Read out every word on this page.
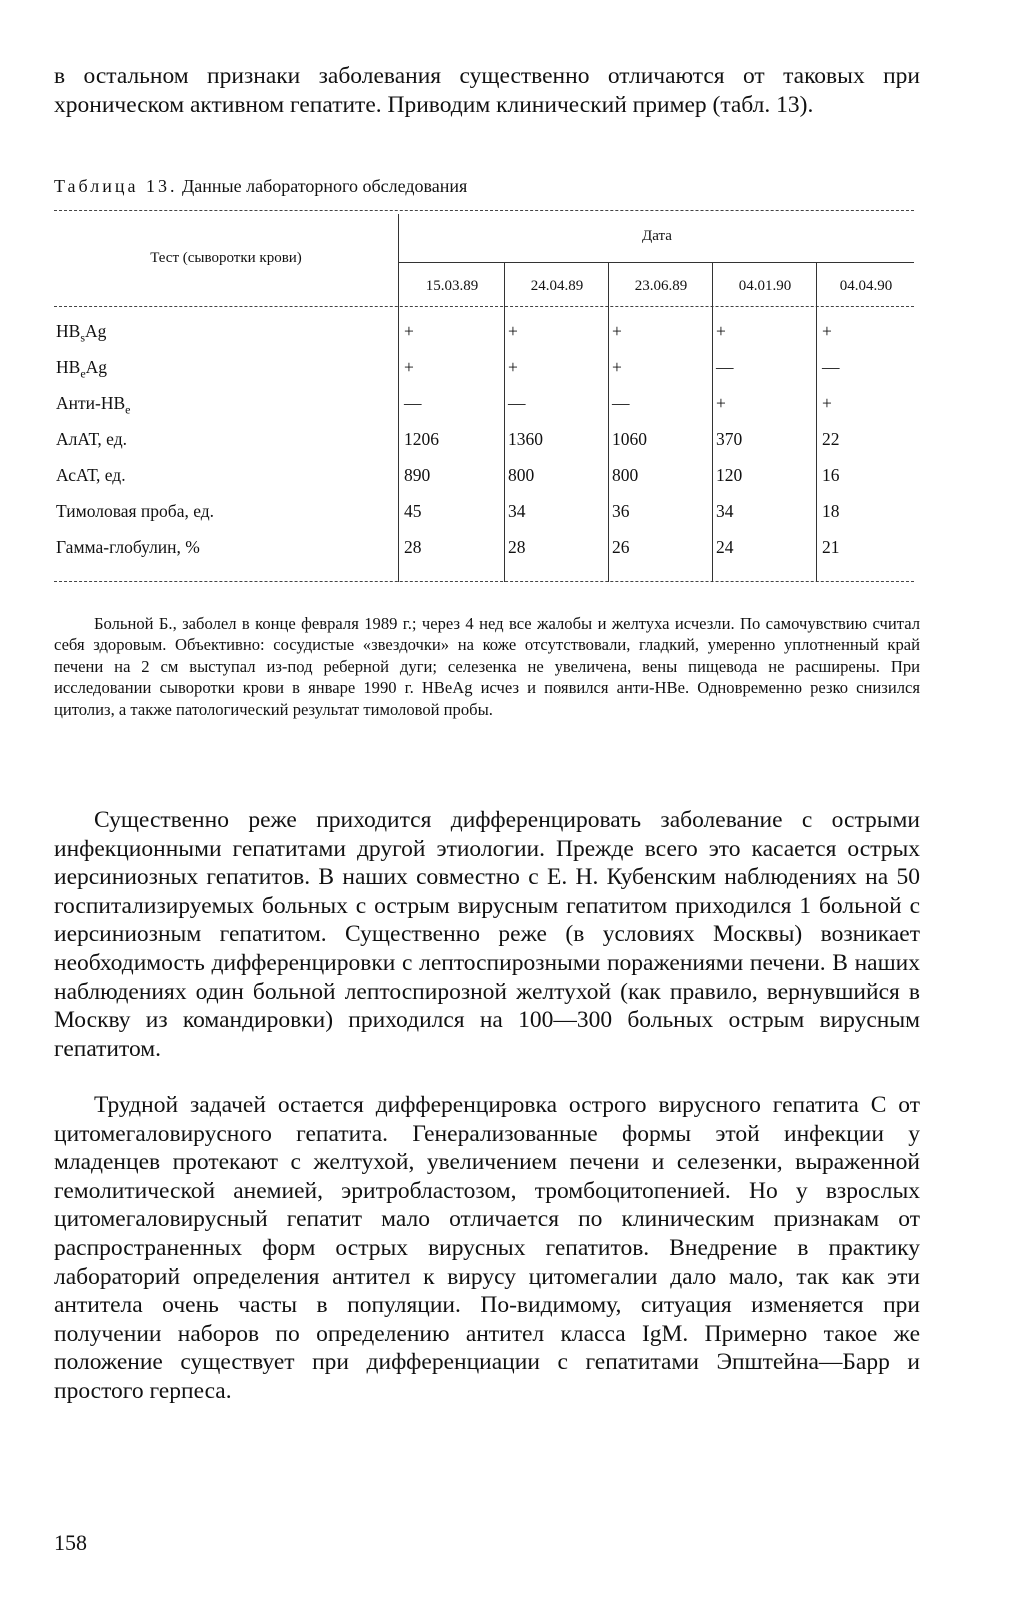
в остальном признаки заболевания существенно отличаются от таковых при хроническом активном гепатите. Приводим клинический пример (табл. 13).

Таблица 13. Данные лабораторного обследования

Тест (сыворотки крови)
Дата
15.03.89	24.04.89	23.06.89	04.01.90	04.04.90
$HB_sAg$	+	+	+	+	+
$HB_eAg$	+	+	+	—	—
Анти-$HB_e$	—	—	—	+	+
АлАТ, ед.	1206	1360	1060	370	22
АсАТ, ед.	890	800	800	120	16
Тимоловая проба, ед.	45	34	36	34	18
Гамма-глобулин, %	28	28	26	24	21

Больной Б., заболел в конце февраля 1989 г.; через 4 нед все жалобы и желтуха исчезли. По самочувствию считал себя здоровым. Объективно: сосудистые «звездочки» на коже отсутствовали, гладкий, умеренно уплотненный край печени на 2 см выступал из-под реберной дуги; селезенка не увеличена, вены пищевода не расширены. При исследовании сыворотки крови в январе 1990 г. HBeAg исчез и появился анти-HBe. Одновременно резко снизился цитолиз, а также патологический результат тимоловой пробы.

Существенно реже приходится дифференцировать заболевание с острыми инфекционными гепатитами другой этиологии. Прежде всего это касается острых иерсиниозных гепатитов. В наших совместно с Е. Н. Кубенским наблюдениях на 50 госпитализируемых больных с острым вирусным гепатитом приходился 1 больной с иерсиниозным гепатитом. Существенно реже (в условиях Москвы) возникает необходимость дифференцировки с лептоспирозными поражениями печени. В наших наблюдениях один больной лептоспирозной желтухой (как правило, вернувшийся в Москву из командировки) приходился на 100—300 больных острым вирусным гепатитом.

Трудной задачей остается дифференцировка острого вирусного гепатита С от цитомегаловирусного гепатита. Генерализованные формы этой инфекции у младенцев протекают с желтухой, увеличением печени и селезенки, выраженной гемолитической анемией, эритробластозом, тромбоцитопенией. Но у взрослых цитомегаловирусный гепатит мало отличается по клиническим признакам от распространенных форм острых вирусных гепатитов. Внедрение в практику лабораторий определения антител к вирусу цитомегалии дало мало, так как эти антитела очень часты в популяции. По-видимому, ситуация изменяется при получении наборов по определению антител класса IgM. Примерно такое же положение существует при дифференциации с гепатитами Эпштейна—Барр и простого герпеса.

158
